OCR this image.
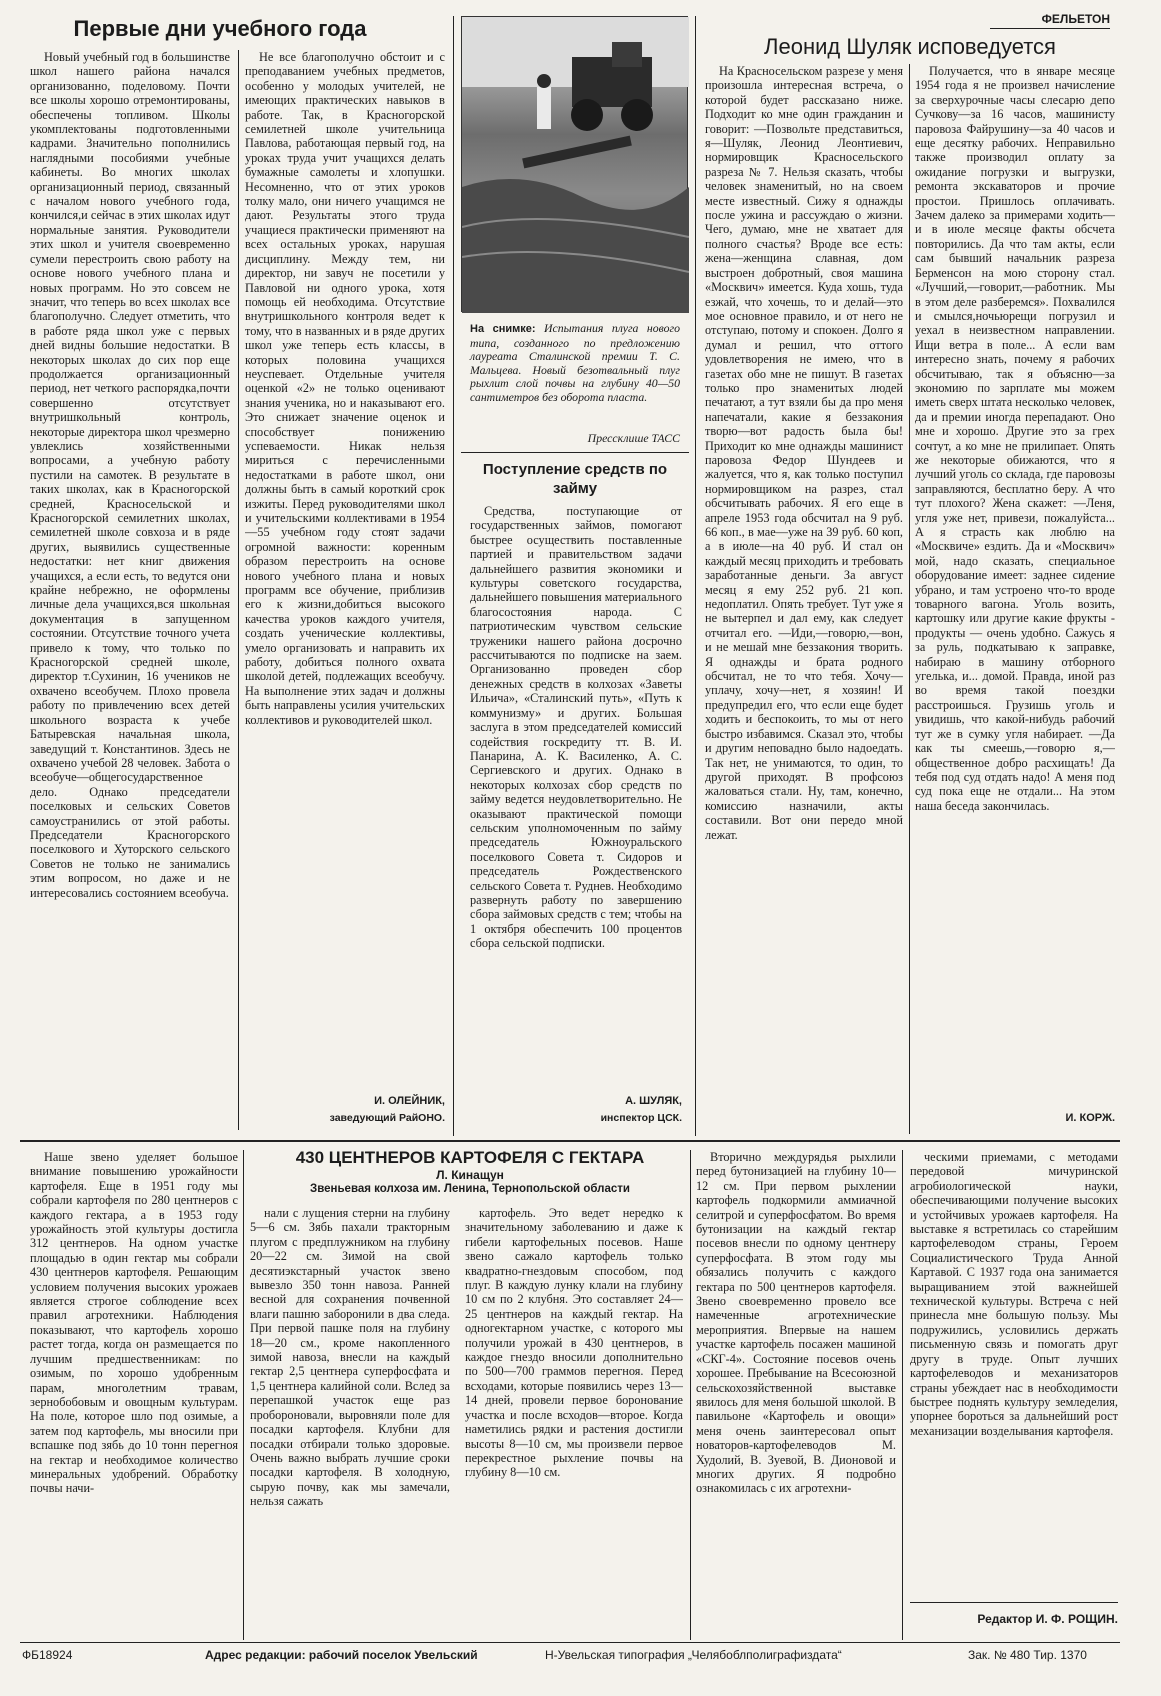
Первые дни учебного года
Новый учебный год в большинстве школ нашего района начался организованно, поделовому. Почти все школы хорошо отремонтированы, обеспечены топливом. Школы укомплектованы подготовленными кадрами. Значительно пополнились наглядными пособиями учебные кабинеты. Во многих школах организационный период, связанный с началом нового учебного года, кончился,и сейчас в этих школах идут нормальные занятия. Руководители этих школ и учителя своевременно сумели перестроить свою работу на основе нового учебного плана и новых программ. Но это совсем не значит, что теперь во всех школах все благополучно. Следует отметить, что в работе ряда школ уже с первых дней видны большие недостатки. В некоторых школах до сих пор еще продолжается организационный период, нет четкого распорядка,почти совершенно отсутствует внутришкольный контроль, некоторые директора школ чрезмерно увлеклись хозяйственными вопросами, а учебную работу пустили на самотек. В результате в таких школах, как в Красногорской средней, Красносельской и Красногорской семилетних школах, семилетней школе совхоза и в ряде других, выявились существенные недостатки: нет книг движения учащихся, а если есть, то ведутся они крайне небрежно, не оформлены личные дела учащихся,вся школьная документация в запущенном состоянии. Отсутствие точного учета привело к тому, что только по Красногорской средней школе, директор т.Сухинин, 16 учеников не охвачено всеобучем. Плохо провела работу по привлечению всех детей школьного возраста к учебе Батыревская начальная школа, заведущий т. Константинов. Здесь не охвачено учебой 28 человек. Забота о всеобуче—общегосударственное дело. Однако председатели поселковых и сельских Советов самоустранились от этой работы. Председатели Красногорского поселкового и Хуторского сельского Советов не только не занимались этим вопросом, но даже и не интересовались состоянием всеобуча.
Не все благополучно обстоит и с преподаванием учебных предметов, особенно у молодых учителей, не имеющих практических навыков в работе. Так, в Красногорской семилетней школе учительница Павлова, работающая первый год, на уроках труда учит учащихся делать бумажные самолеты и хлопушки. Несомненно, что от этих уроков толку мало, они ничего учащимся не дают. Результаты этого труда учащиеся практически применяют на всех остальных уроках, нарушая дисциплину. Между тем, ни директор, ни завуч не посетили у Павловой ни одного урока, хотя помощь ей необходима. Отсутствие внутришкольного контроля ведет к тому, что в названных и в ряде других школ уже теперь есть классы, в которых половина учащихся неуспевает. Отдельные учителя оценкой «2» не только оценивают знания ученика, но и наказывают его. Это снижает значение оценок и способствует понижению успеваемости. Никак нельзя мириться с перечисленными недостатками в работе школ, они должны быть в самый короткий срок изжиты. Перед руководителями школ и учительскими коллективами в 1954—55 учебном году стоят задачи огромной важности: коренным образом перестроить на основе нового учебного плана и новых программ все обучение, приблизив его к жизни,добиться высокого качества уроков каждого учителя, создать ученические коллективы, умело организовать и направить их работу, добиться полного охвата школой детей, подлежащих всеобучу. На выполнение этих задач и должны быть направлены усилия учительских коллективов и руководителей школ.
И. ОЛЕЙНИК,
заведующий РайОНО.
На снимке: Испытания плуга нового типа, созданного по предложению лауреата Сталинской премии Т. С. Мальцева. Новый безотвальный плуг рыхлит слой почвы на глубину 40—50 сантиметров без оборота пласта.
Прессклише ТАСС
Поступление средств по займу
Средства, поступающие от государственных займов, помогают быстрее осуществить поставленные партией и правительством задачи дальнейшего развития экономики и культуры советского государства, дальнейшего повышения материального благосостояния народа. С патриотическим чувством сельские труженики нашего района досрочно рассчитываются по подписке на заем. Организованно проведен сбор денежных средств в колхозах «Заветы Ильича», «Сталинский путь», «Путь к коммунизму» и других. Большая заслуга в этом председателей комиссий содействия госкредиту тт. В. И. Панарина, А. К. Василенко, А. С. Сергиевского и других. Однако в некоторых колхозах сбор средств по займу ведется неудовлетворительно. Не оказывают практической помощи сельским уполномоченным по займу председатель Южноуральского поселкового Совета т. Сидоров и председатель Рождественского сельского Совета т. Руднев. Необходимо развернуть работу по завершению сбора займовых средств с тем; чтобы на 1 октября обеспечить 100 процентов сбора сельской подписки.
А. ШУЛЯК,
инспектор ЦСК.
ФЕЛЬЕТОН
Леонид Шуляк исповедуется
На Красносельском разрезе у меня произошла интересная встреча, о которой будет рассказано ниже. Подходит ко мне один гражданин и говорит: —Позвольте представиться, я—Шуляк, Леонид Леонтиевич, нормировщик Красносельского разреза № 7. Нельзя сказать, чтобы человек знаменитый, но на своем месте известный. Сижу я однажды после ужина и рассуждаю о жизни. Чего, думаю, мне не хватает для полного счастья? Вроде все есть: жена—женщина славная, дом выстроен добротный, своя машина «Москвич» имеется. Куда хошь, туда езжай, что хочешь, то и делай—это мое основное правило, и от него не отступаю, потому и спокоен. Долго я думал и решил, что оттого удовлетворения не имею, что в газетах обо мне не пишут. В газетах только про знаменитых людей печатают, а тут взяли бы да про меня напечатали, какие я беззакония творю—вот радость была бы! Приходит ко мне однажды машинист паровоза Федор Шундеев и жалуется, что я, как только поступил нормировщиком на разрез, стал обсчитывать рабочих. Я его еще в апреле 1953 года обсчитал на 9 руб. 66 коп., в мае—уже на 39 руб. 60 коп, а в июле—на 40 руб. И стал он каждый месяц приходить и требовать заработанные деньги. За август месяц я ему 252 руб. 21 коп. недоплатил. Опять требует. Тут уже я не вытерпел и дал ему, как следует отчитал его. —Иди,—говорю,—вон, и не мешай мне беззакония творить. Я однажды и брата родного обсчитал, не то что тебя. Хочу—уплачу, хочу—нет, я хозяин! И предупредил его, что если еще будет ходить и беспокоить, то мы от него быстро избавимся. Сказал это, чтобы и другим неповадно было надоедать. Так нет, не унимаются, то один, то другой приходят. В профсоюз жаловаться стали. Ну, там, конечно, комиссию назначили, акты составили. Вот они передо мной лежат.
Получается, что в январе месяце 1954 года я не произвел начисление за сверхурочные часы слесарю депо Сучкову—за 16 часов, машинисту паровоза Файрушину—за 40 часов и еще десятку рабочих. Неправильно также производил оплату за ожидание погрузки и выгрузки, ремонта экскаваторов и прочие простои. Пришлось оплачивать. Зачем далеко за примерами ходить—и в июле месяце факты обсчета повторились. Да что там акты, если сам бывший начальник разреза Берменсон на мою сторону стал. «Лучший,—говорит,—работник. Мы в этом деле разберемся». Похвалился и смылся,ночьюрещи погрузил и уехал в неизвестном направлении. Ищи ветра в поле... А если вам интересно знать, почему я рабочих обсчитываю, так я объясню—за экономию по зарплате мы можем иметь сверх штата несколько человек, да и премии иногда перепадают. Оно мне и хорошо. Другие это за грех сочтут, а ко мне не прилипает. Опять же некоторые обижаются, что я лучший уголь со склада, где паровозы заправляются, бесплатно беру. А что тут плохого? Жена скажет: —Леня, угля уже нет, привези, пожалуйста... А я страсть как люблю на «Москвиче» ездить. Да и «Москвич» мой, надо сказать, специальное оборудование имеет: заднее сидение убрано, и там устроено что-то вроде товарного вагона. Уголь возить, картошку или другие какие фрукты - продукты — очень удобно. Сажусь я за руль, подкатываю к заправке, набираю в машину отборного угелька, и... домой. Правда, иной раз во время такой поездки расстроишься. Грузишь уголь и увидишь, что какой-нибудь рабочий тут же в сумку угля набирает. —Да как ты смеешь,—говорю я,— общественное добро расхищать! Да тебя под суд отдать надо! А меня под суд пока еще не отдали... На этом наша беседа закончилась.
И. КОРЖ.
430 ЦЕНТНЕРОВ КАРТОФЕЛЯ С ГЕКТАРА
Л. Кинащун
Звеньевая колхоза им. Ленина, Тернопольской области
Наше звено уделяет большое внимание повышению урожайности картофеля. Еще в 1951 году мы собрали картофеля по 280 центнеров с каждого гектара, а в 1953 году урожайность этой культуры достигла 312 центнеров. На одном участке площадью в один гектар мы собрали 430 центнеров картофеля. Решающим условием получения высоких урожаев является строгое соблюдение всех правил агротехники. Наблюдения показывают, что картофель хорошо растет тогда, когда он размещается по лучшим предшественникам: по озимым, по хорошо удобренным парам, многолетним травам, зернобобовым и овощным культурам. На поле, которое шло под озимые, а затем под картофель, мы вносили при вспашке под зябь до 10 тонн перегноя на гектар и необходимое количество минеральных удобрений. Обработку почвы начи-
нали с лущения стерни на глубину 5—6 см. Зябь пахали тракторным плугом с предплужником на глубину 20—22 см. Зимой на свой десятиэкстарный участок звено вывезло 350 тонн навоза. Ранней весной для сохранения почвенной влаги пашню заборонили в два следа. При первой пашке поля на глубину 18—20 см., кроме накопленного зимой навоза, внесли на каждый гектар 2,5 центнера суперфосфата и 1,5 центнера калийной соли. Вслед за перепашкой участок еще раз пробороновали, выровняли поле для посадки картофеля. Клубни для посадки отбирали только здоровые. Очень важно выбрать лучшие сроки посадки картофеля. В холодную, сырую почву, как мы замечали, нельзя сажать
картофель. Это ведет нередко к значительному заболеванию и даже к гибели картофельных посевов. Наше звено сажало картофель только квадратно-гнездовым способом, под плуг. В каждую лунку клали на глубину 10 см по 2 клубня. Это составляет 24—25 центнеров на каждый гектар. На одногектарном участке, с которого мы получили урожай в 430 центнеров, в каждое гнездо вносили дополнительно по 500—700 граммов перегноя. Перед всходами, которые появились через 13—14 дней, провели первое боронование участка и после всходов—второе. Когда наметились рядки и растения достигли высоты 8—10 см, мы произвели первое перекрестное рыхление почвы на глубину 8—10 см.
Вторично междурядья рыхлили перед бутонизацией на глубину 10—12 см. При первом рыхлении картофель подкормили аммиачной селитрой и суперфосфатом. Во время бутонизации на каждый гектар посевов внесли по одному центнеру суперфосфата. В этом году мы обязались получить с каждого гектара по 500 центнеров картофеля. Звено своевременно провело все намеченные агротехнические мероприятия. Впервые на нашем участке картофель посажен машиной «СКГ-4». Состояние посевов очень хорошее. Пребывание на Всесоюзной сельскохозяйственной выставке явилось для меня большой школой. В павильоне «Картофель и овощи» меня очень заинтересовал опыт новаторов-картофелеводов М. Худолий, В. Зуевой, В. Дионовой и многих других. Я подробно ознакомилась с их агротехни-
ческими приемами, с методами передовой мичуринской агробиологической науки, обеспечивающими получение высоких и устойчивых урожаев картофеля. На выставке я встретилась со старейшим картофелеводом страны, Героем Социалистического Труда Анной Картавой. С 1937 года она занимается выращиванием этой важнейшей технической культуры. Встреча с ней принесла мне большую пользу. Мы подружились, условились держать письменную связь и помогать друг другу в труде. Опыт лучших картофелеводов и механизаторов страны убеждает нас в необходимости быстрее поднять культуру земледелия, упорнее бороться за дальнейший рост механизации возделывания картофеля.
Редактор И. Ф. РОЩИН.
ФБ18924	Адрес редакции: рабочий поселок Увельский	Н-Увельская типография „Челябоблполиграфиздата“	Зак. № 480 Тир. 1370
